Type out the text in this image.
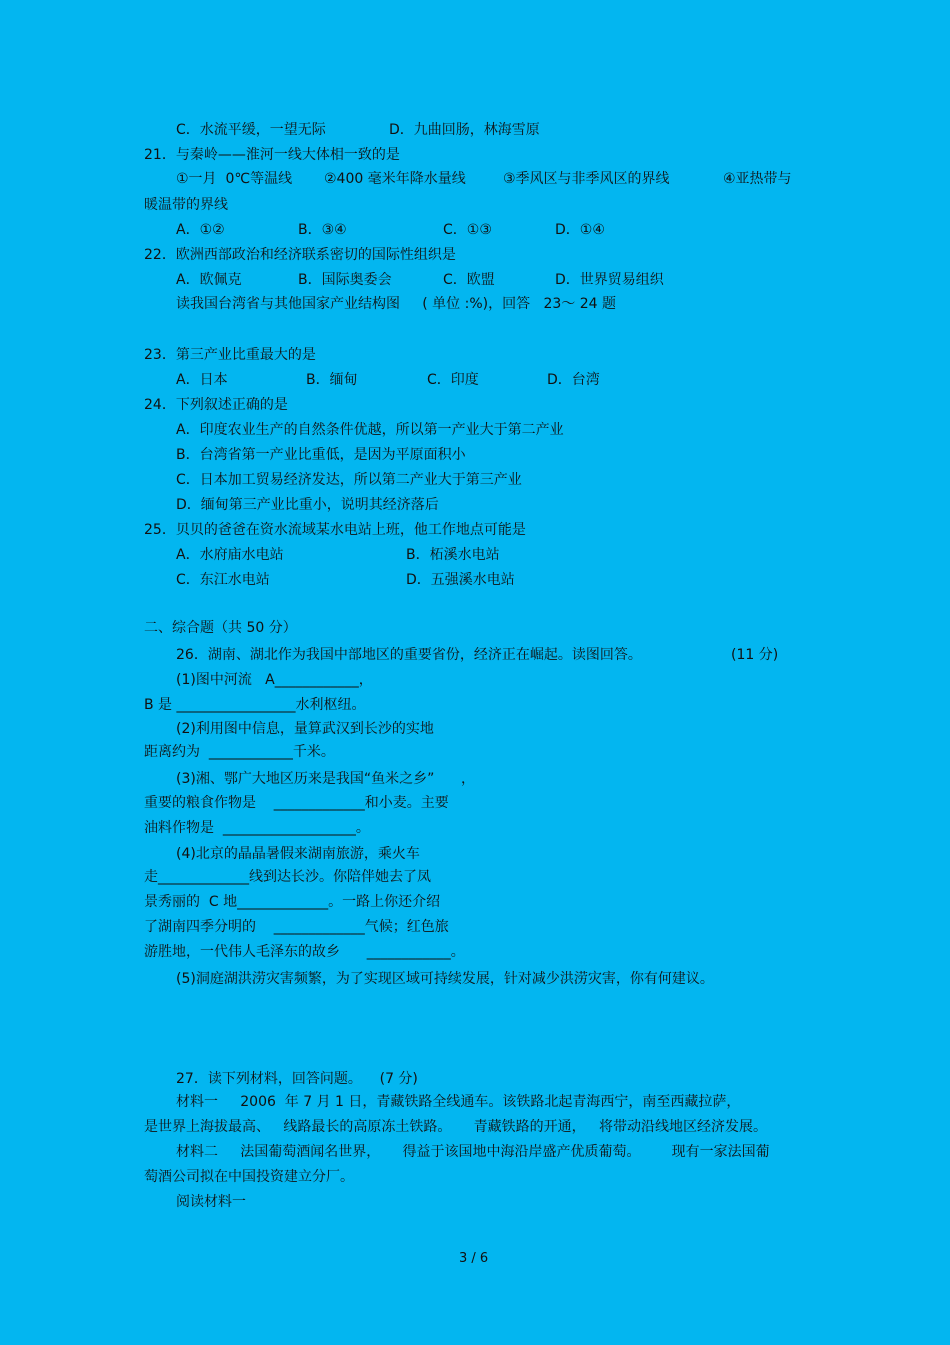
C．水流平缓，一望无际	D．九曲回肠，林海雪原
21．与秦岭——淮河一线大体相一致的是
①一月  0℃等温线 ②400 毫米年降水量线	③季风区与非季风区的界线	④亚热带与
暖温带的界线
A．①②	B．③④	C．①③	D．①④
22．欧洲西部政治和经济联系密切的国际性组织是
A．欧佩克	B．国际奥委会	C．欧盟	D．世界贸易组织
读我国台湾省与其他国家产业结构图     ( 单位 :%)，回答   23～ 24 题
23．第三产业比重最大的是
A．日本	B．缅甸	C．印度	D．台湾
24．下列叙述正确的是
A．印度农业生产的自然条件优越，所以第一产业大于第二产业
B．台湾省第一产业比重低，是因为平原面积小
C．日本加工贸易经济发达，所以第二产业大于第三产业
D．缅甸第三产业比重小，说明其经济落后
25．贝贝的爸爸在资水流域某水电站上班，他工作地点可能是
A．水府庙水电站	B．柘溪水电站
C．东江水电站	D．五强溪水电站
二、综合题（共 50 分）
26．湖南、湖北作为我国中部地区的重要省份，经济正在崛起。读图回答。	(11 分)
(1)图中河流   A____________，
B 是 _________________水利枢纽。
(2)利用图中信息，量算武汉到长沙的实地
距离约为  ____________千米。
(3)湘、鄂广大地区历来是我国“鱼米之乡”      ，
重要的粮食作物是    _____________和小麦。主要
油料作物是  ___________________。
(4)北京的晶晶暑假来湖南旅游，乘火车
走_____________线到达长沙。你陪伴她去了凤
景秀丽的  C 地_____________。一路上你还介绍
了湖南四季分明的    _____________气候；红色旅
游胜地，一代伟人毛泽东的故乡      ____________。
(5)洞庭湖洪涝灾害频繁，为了实现区域可持续发展，针对减少洪涝灾害，你有何建议。
27．读下列材料，回答问题。    (7 分)
材料一     2006  年 7 月 1 日，青藏铁路全线通车。该铁路北起青海西宁，南至西藏拉萨，
是世界上海拔最高、   线路最长的高原冻土铁路。     青藏铁路的开通，   将带动沿线地区经济发展。
材料二     法国葡萄酒闻名世界，     得益于该国地中海沿岸盛产优质葡萄。       现有一家法国葡
萄酒公司拟在中国投资建立分厂。
阅读材料一
3 / 6
